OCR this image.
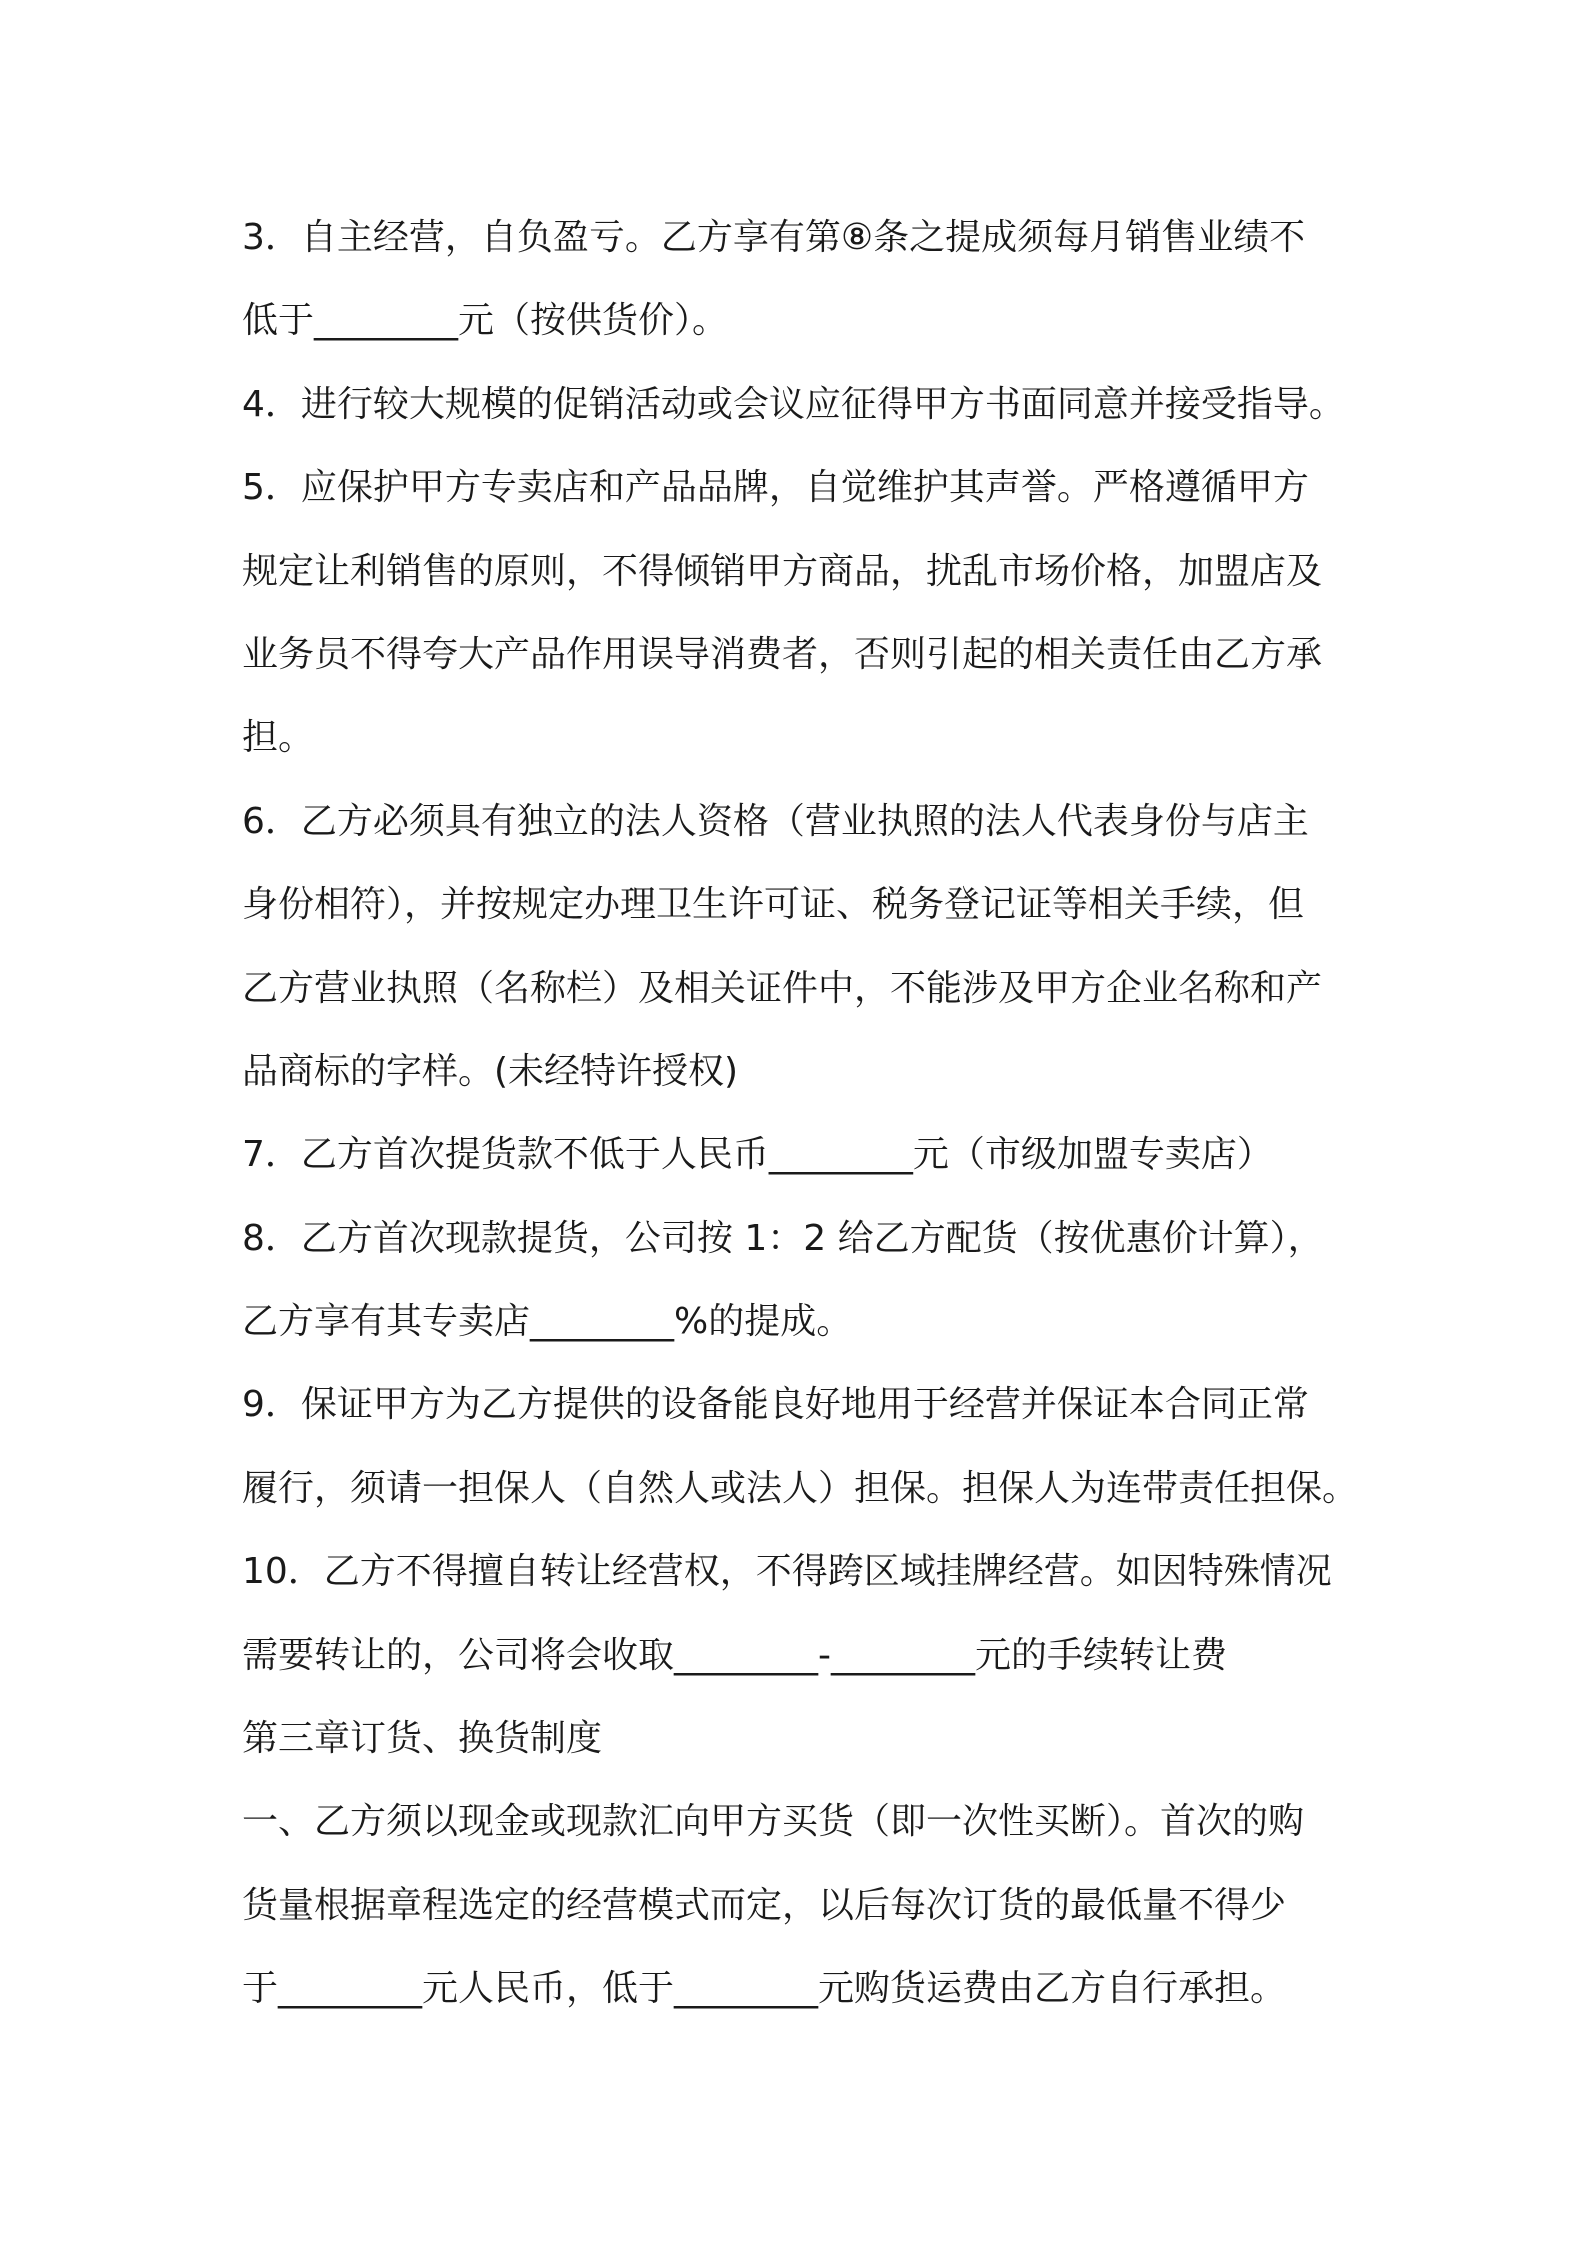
3．自主经营，自负盈亏。乙方享有第⑧条之提成须每月销售业绩不
低于________元（按供货价）。
4．进行较大规模的促销活动或会议应征得甲方书面同意并接受指导。
5．应保护甲方专卖店和产品品牌，自觉维护其声誉。严格遵循甲方
规定让利销售的原则，不得倾销甲方商品，扰乱市场价格，加盟店及
业务员不得夸大产品作用误导消费者，否则引起的相关责任由乙方承
担。
6．乙方必须具有独立的法人资格（营业执照的法人代表身份与店主
身份相符），并按规定办理卫生许可证、税务登记证等相关手续，但
乙方营业执照（名称栏）及相关证件中，不能涉及甲方企业名称和产
品商标的字样。(未经特许授权)
7．乙方首次提货款不低于人民币________元（市级加盟专卖店）
8．乙方首次现款提货，公司按 1：2 给乙方配货（按优惠价计算），
乙方享有其专卖店________%的提成。
9．保证甲方为乙方提供的设备能良好地用于经营并保证本合同正常
履行，须请一担保人（自然人或法人）担保。担保人为连带责任担保。
10．乙方不得擅自转让经营权，不得跨区域挂牌经营。如因特殊情况
需要转让的，公司将会收取________-________元的手续转让费
第三章订货、换货制度
一、乙方须以现金或现款汇向甲方买货（即一次性买断）。首次的购
货量根据章程选定的经营模式而定，以后每次订货的最低量不得少
于________元人民币，低于________元购货运费由乙方自行承担。
